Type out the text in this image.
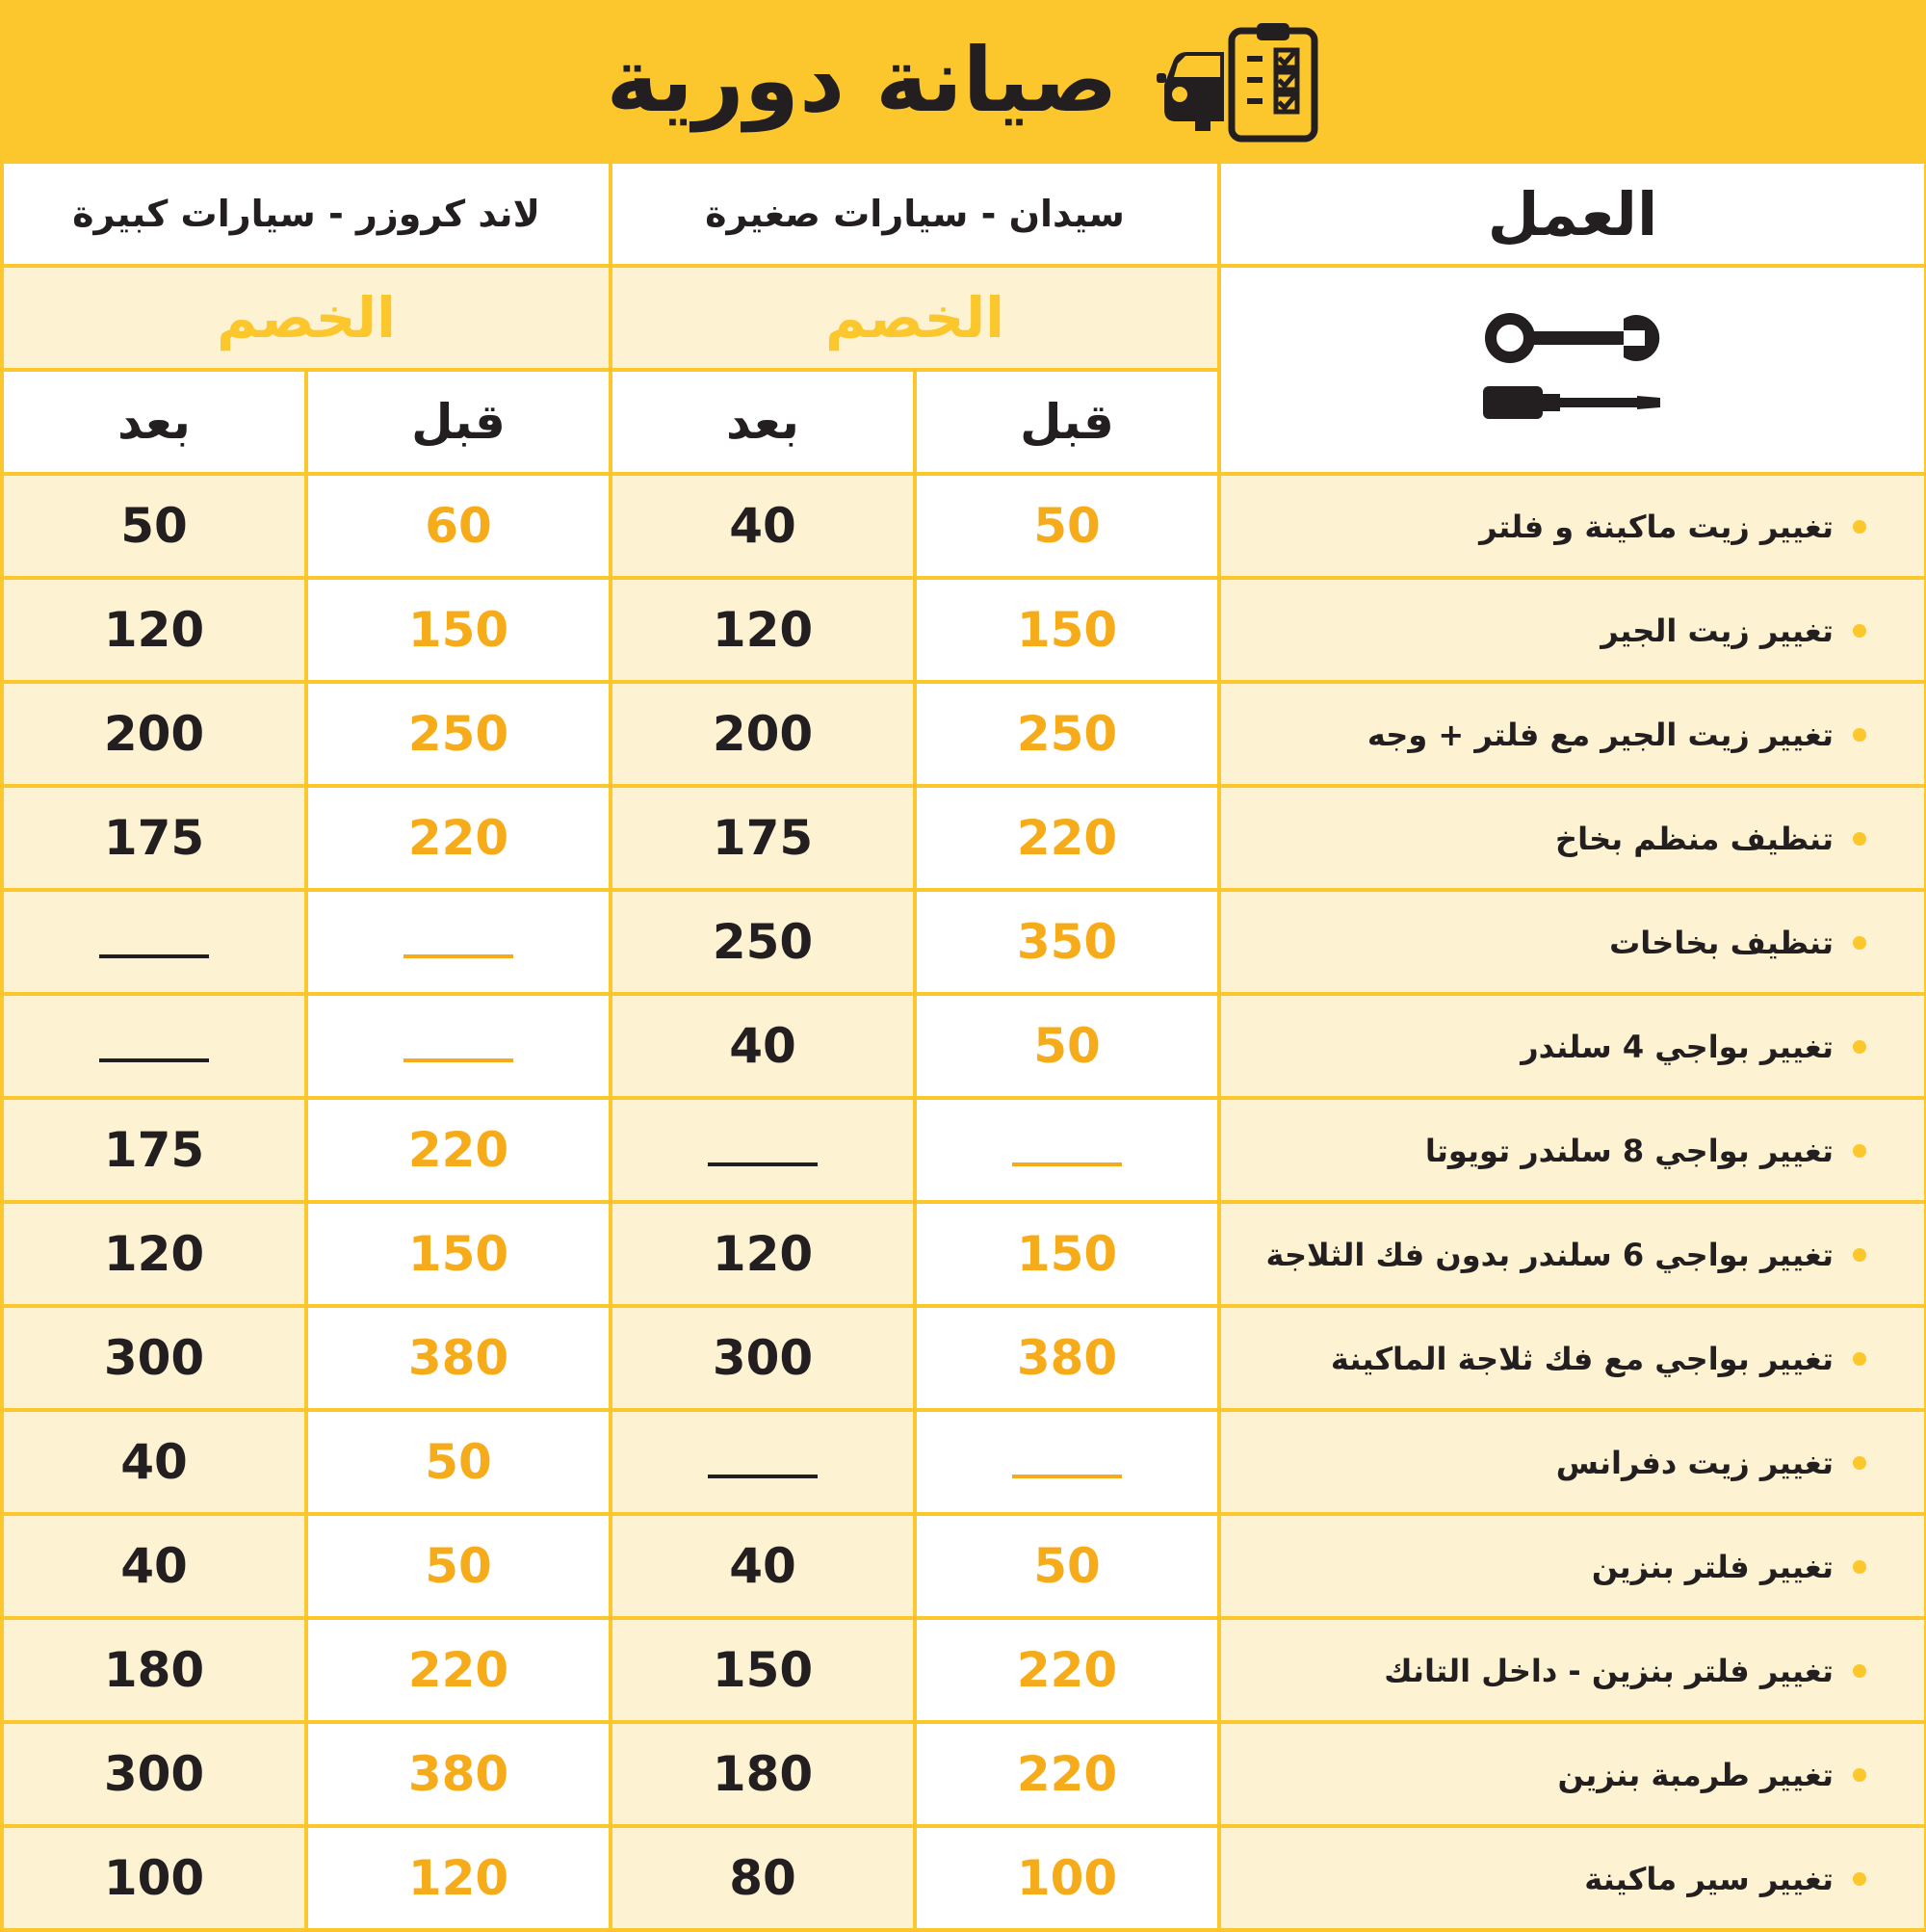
صيانة دورية
العمل	سيدان - سيارات صغيرة		لاند كروزر - سيارات كبيرة	
	الخصم		الخصم	
	قبل	بعد	قبل	بعد
تغيير زيت ماكينة و فلتر	50	40	60	50
تغيير زيت الجير	150	120	150	120
تغيير زيت الجير مع فلتر + وجه	250	200	250	200
تنظيف منظم بخاخ	220	175	220	175
تنظيف بخاخات	350	250		
تغيير بواجي 4 سلندر	50	40		
تغيير بواجي 8 سلندر تويوتا			220	175
تغيير بواجي 6 سلندر بدون فك الثلاجة	150	120	150	120
تغيير بواجي مع فك ثلاجة الماكينة	380	300	380	300
تغيير زيت دفرانس			50	40
تغيير فلتر بنزين	50	40	50	40
تغيير فلتر بنزين - داخل التانك	220	150	220	180
تغيير طرمبة بنزين	220	180	380	300
تغيير سير ماكينة	100	80	120	100
